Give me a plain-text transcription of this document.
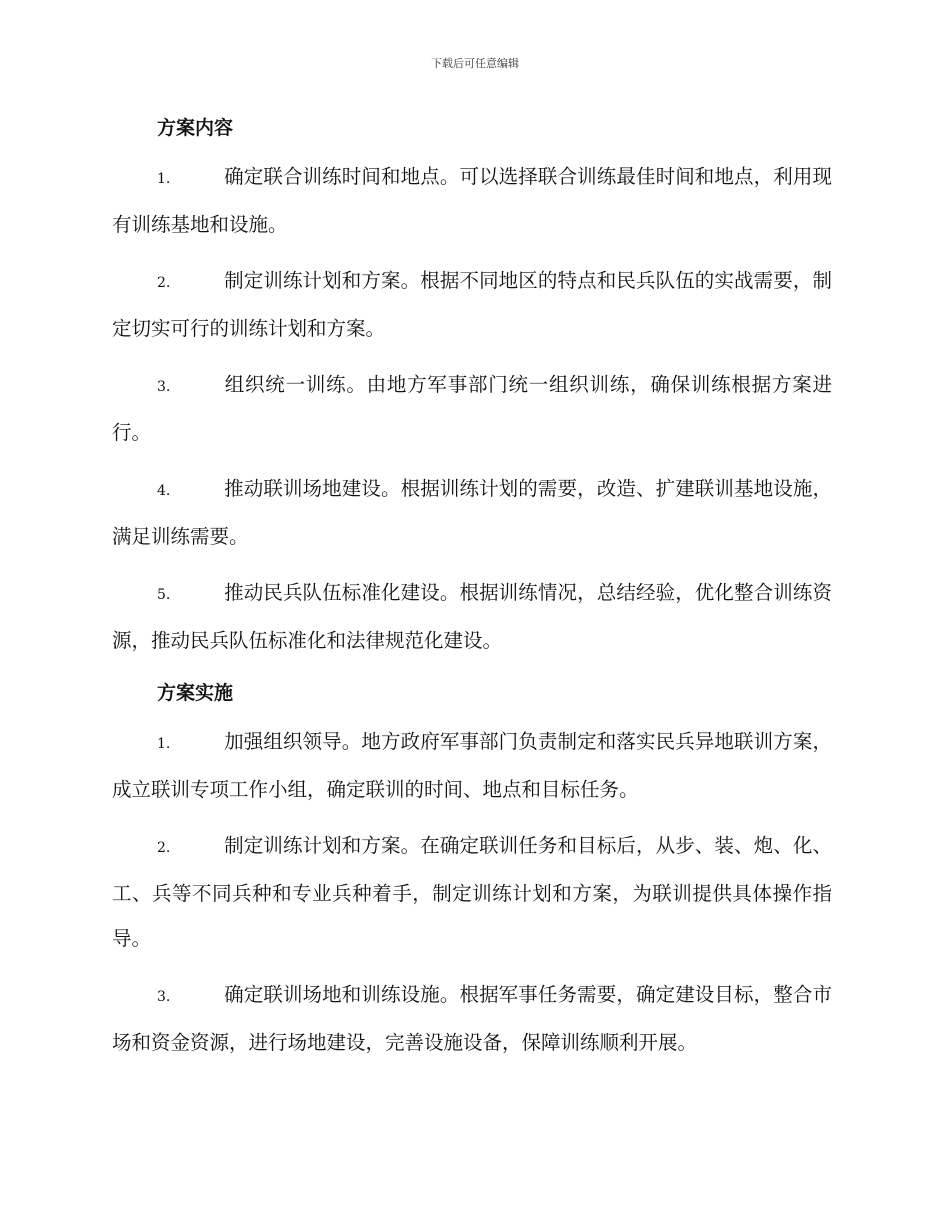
下载后可任意编辑
方案内容
1.	确定联合训练时间和地点。可以选择联合训练最佳时间和地点，利用现有训练基地和设施。
2.	制定训练计划和方案。根据不同地区的特点和民兵队伍的实战需要，制定切实可行的训练计划和方案。
3.	组织统一训练。由地方军事部门统一组织训练，确保训练根据方案进行。
4.	推动联训场地建设。根据训练计划的需要，改造、扩建联训基地设施，满足训练需要。
5.	推动民兵队伍标准化建设。根据训练情况，总结经验，优化整合训练资源，推动民兵队伍标准化和法律规范化建设。
方案实施
1.	加强组织领导。地方政府军事部门负责制定和落实民兵异地联训方案，成立联训专项工作小组，确定联训的时间、地点和目标任务。
2.	制定训练计划和方案。在确定联训任务和目标后，从步、装、炮、化、工、兵等不同兵种和专业兵种着手，制定训练计划和方案，为联训提供具体操作指导。
3.	确定联训场地和训练设施。根据军事任务需要，确定建设目标，整合市场和资金资源，进行场地建设，完善设施设备，保障训练顺利开展。
